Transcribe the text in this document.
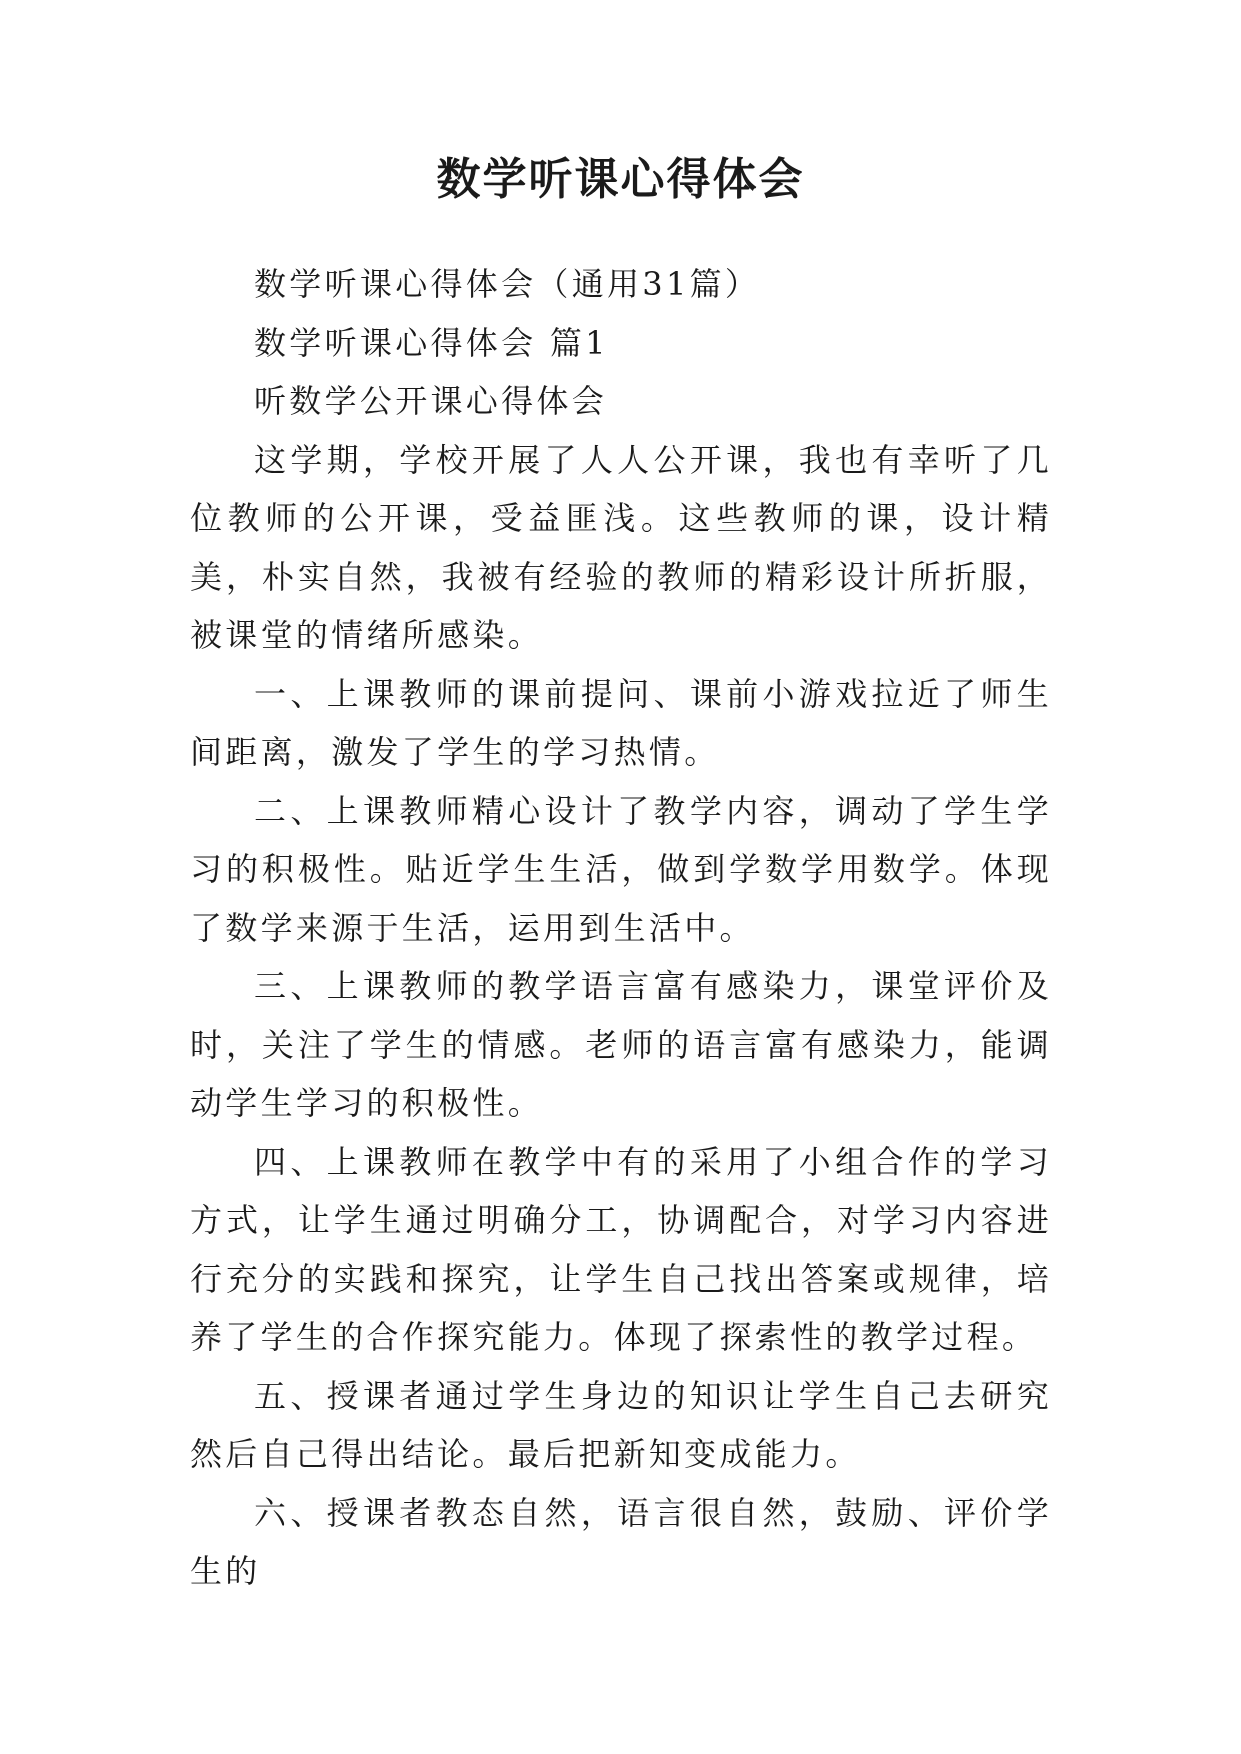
数学听课心得体会

数学听课心得体会（通用31篇）

数学听课心得体会 篇1

听数学公开课心得体会

这学期，学校开展了人人公开课，我也有幸听了几位教师的公开课，受益匪浅。这些教师的课，设计精美，朴实自然，我被有经验的教师的精彩设计所折服，被课堂的情绪所感染。

一、上课教师的课前提问、课前小游戏拉近了师生间距离，激发了学生的学习热情。

二、上课教师精心设计了教学内容，调动了学生学习的积极性。贴近学生生活，做到学数学用数学。体现了数学来源于生活，运用到生活中。

三、上课教师的教学语言富有感染力，课堂评价及时，关注了学生的情感。老师的语言富有感染力，能调动学生学习的积极性。

四、上课教师在教学中有的采用了小组合作的学习方式，让学生通过明确分工，协调配合，对学习内容进行充分的实践和探究，让学生自己找出答案或规律，培养了学生的合作探究能力。体现了探索性的教学过程。

五、授课者通过学生身边的知识让学生自己去研究然后自己得出结论。最后把新知变成能力。

六、授课者教态自然，语言很自然，鼓励、评价学生的
